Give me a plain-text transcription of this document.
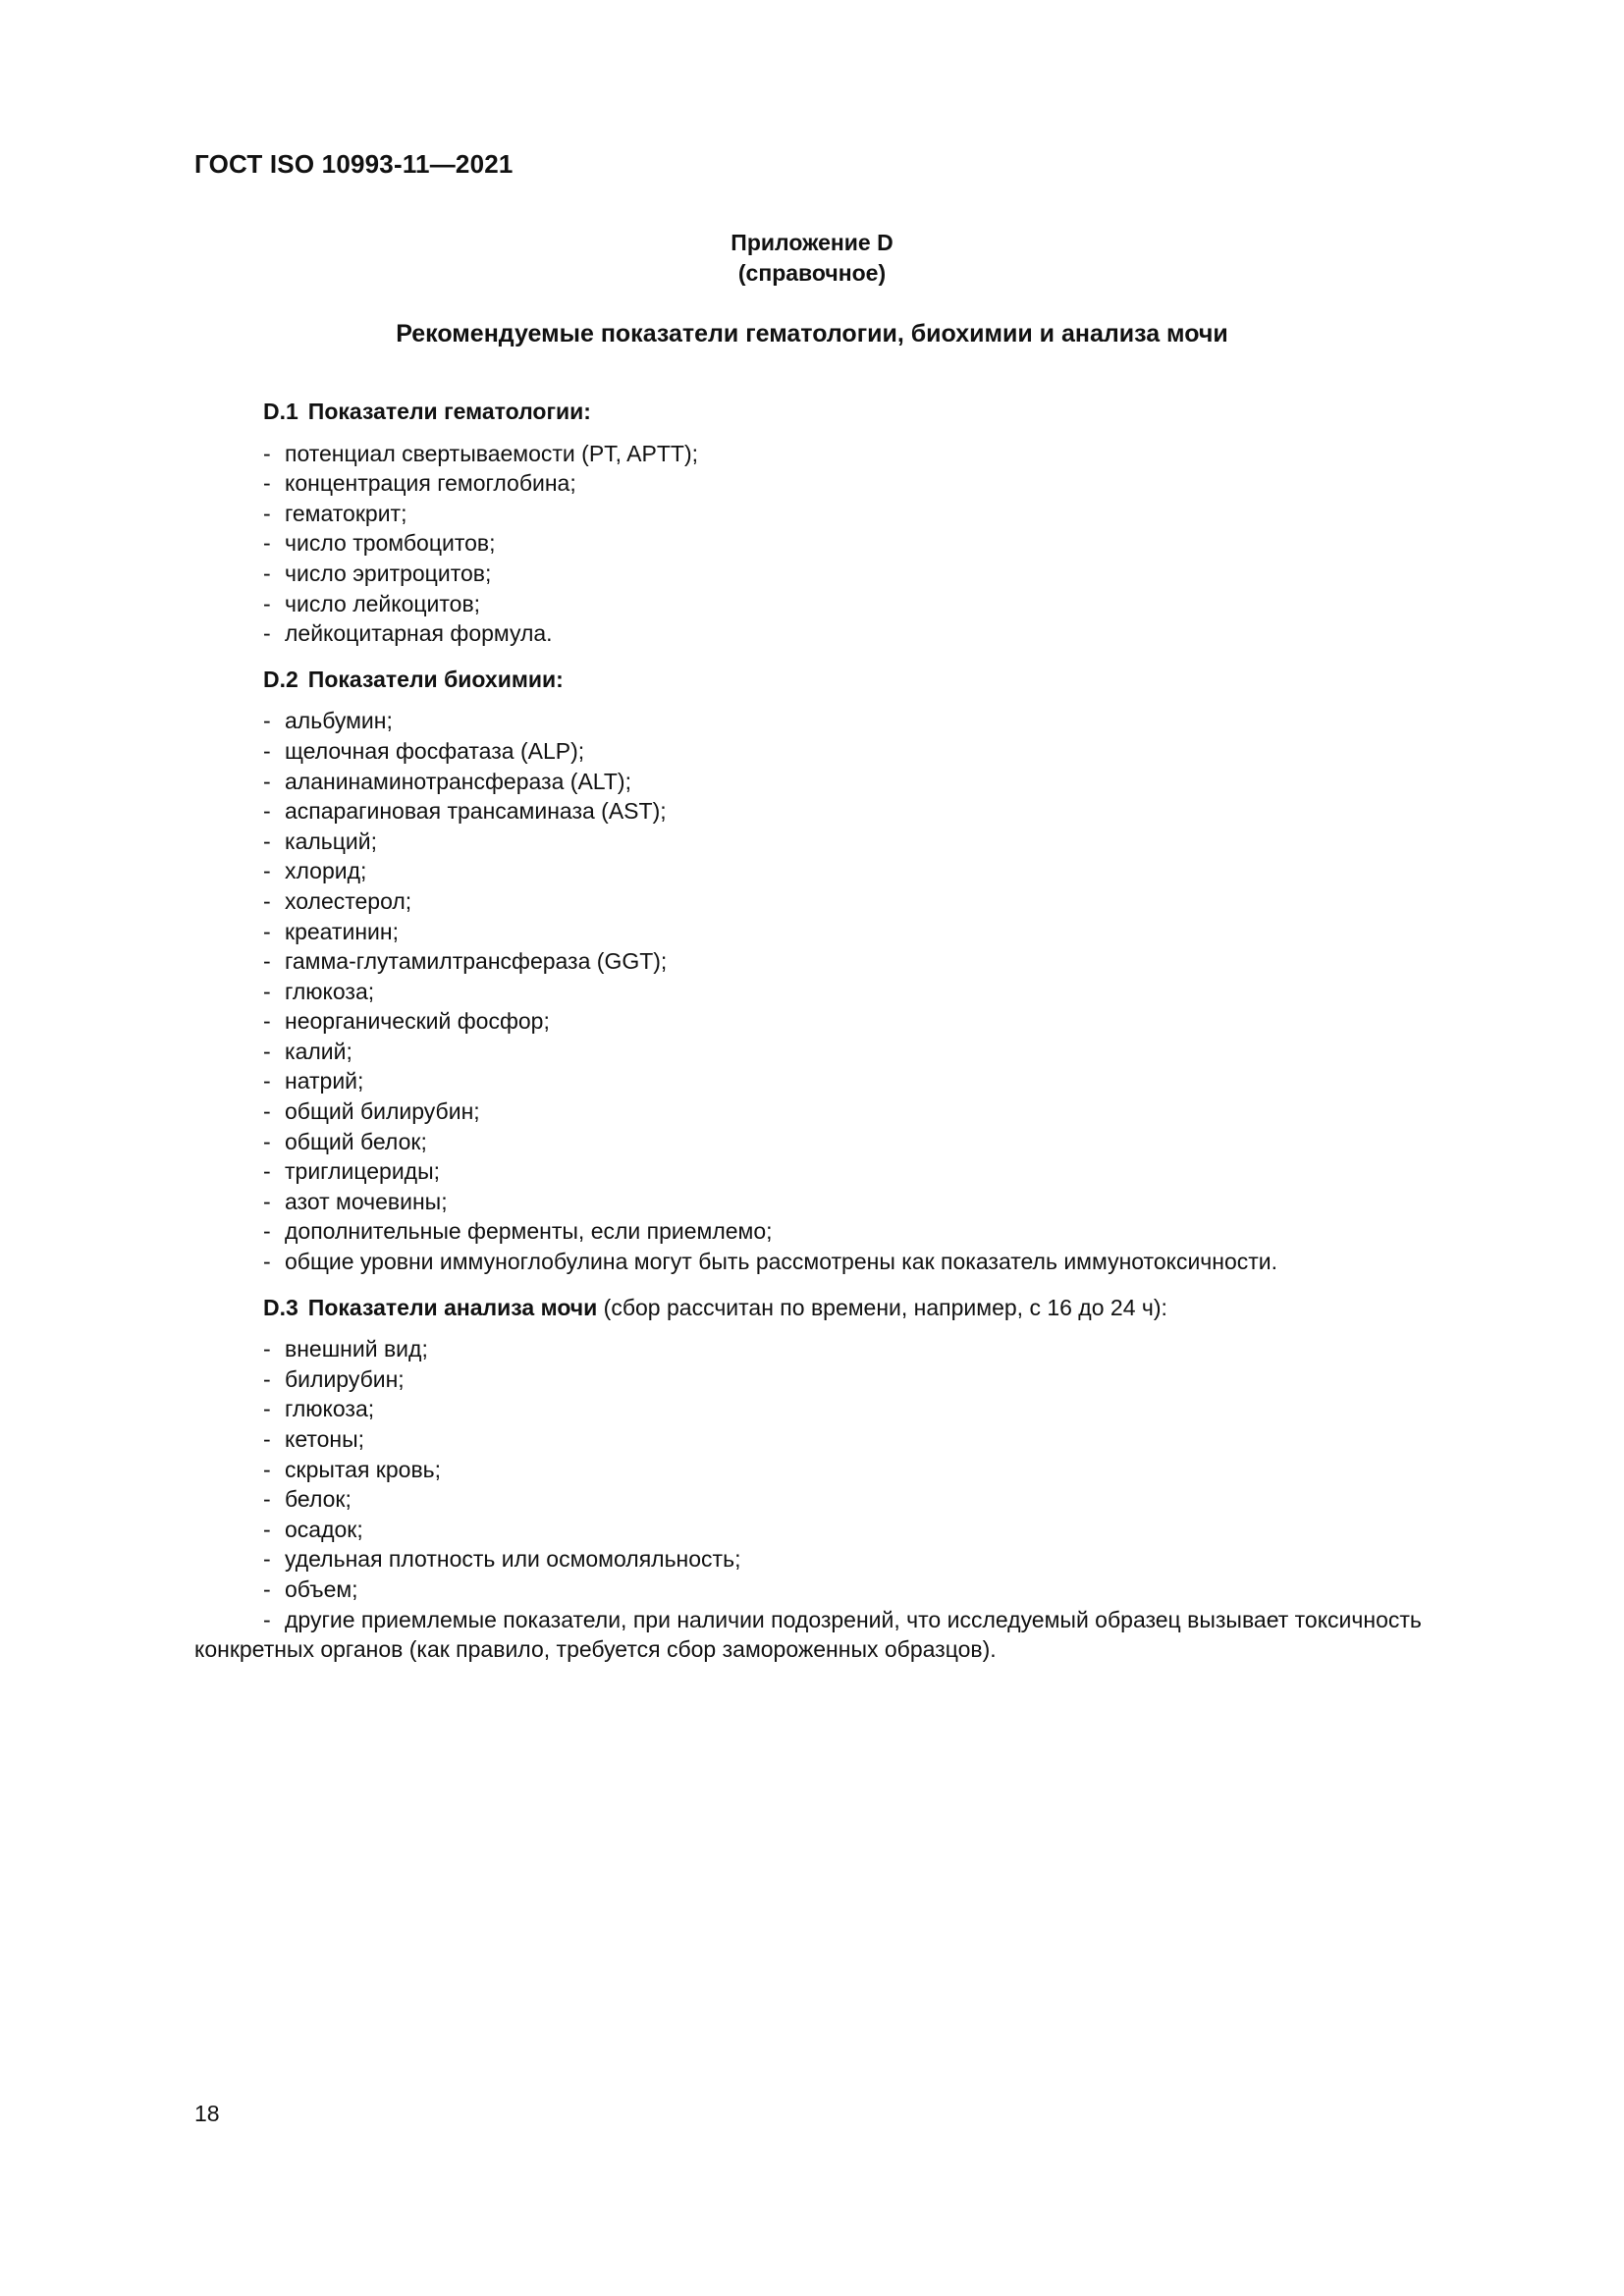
ГОСТ ISO 10993-11—2021
Приложение D
(справочное)
Рекомендуемые показатели гематологии, биохимии и анализа мочи
D.1 Показатели гематологии:
- потенциал свертываемости (PT, APTT);
- концентрация гемоглобина;
- гематокрит;
- число тромбоцитов;
- число эритроцитов;
- число лейкоцитов;
- лейкоцитарная формула.
D.2 Показатели биохимии:
- альбумин;
- щелочная фосфатаза (ALP);
- аланинаминотрансфераза (ALT);
- аспарагиновая трансаминаза (AST);
- кальций;
- хлорид;
- холестерол;
- креатинин;
- гамма-глутамилтрансфераза (GGT);
- глюкоза;
- неорганический фосфор;
- калий;
- натрий;
- общий билирубин;
- общий белок;
- триглицериды;
- азот мочевины;
- дополнительные ферменты, если приемлемо;
- общие уровни иммуноглобулина могут быть рассмотрены как показатель иммунотоксичности.
D.3 Показатели анализа мочи (сбор рассчитан по времени, например, с 16 до 24 ч):
- внешний вид;
- билирубин;
- глюкоза;
- кетоны;
- скрытая кровь;
- белок;
- осадок;
- удельная плотность или осмомоляльность;
- объем;
- другие приемлемые показатели, при наличии подозрений, что исследуемый образец вызывает токсичность конкретных органов (как правило, требуется сбор замороженных образцов).
18
